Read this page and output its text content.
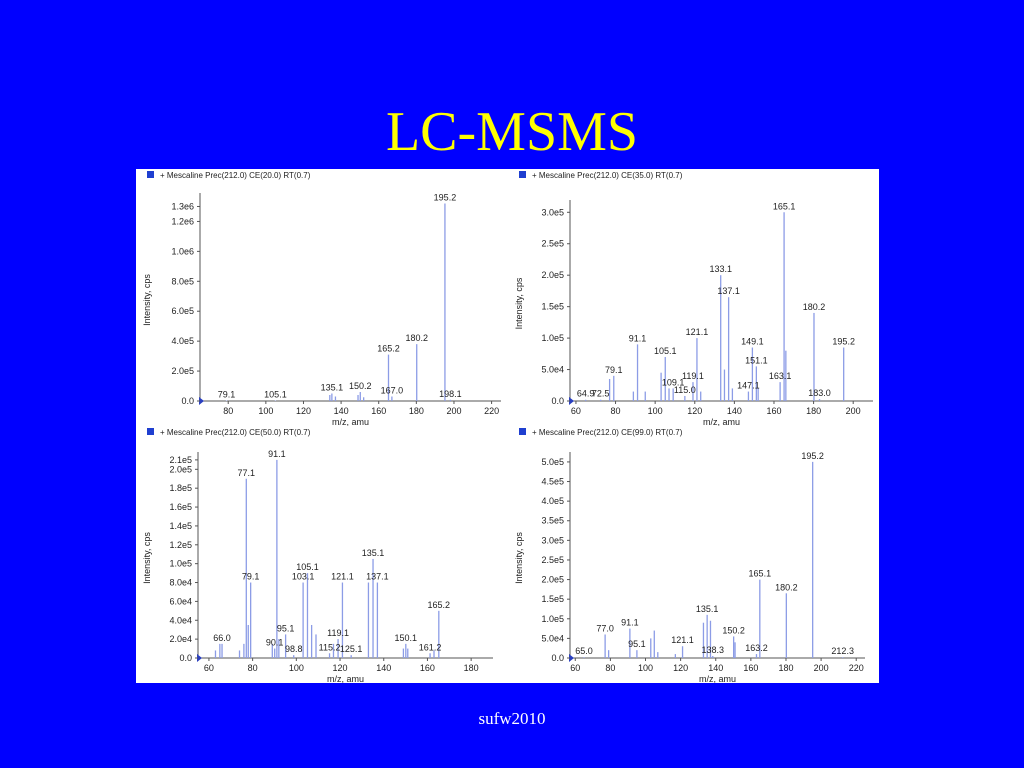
LC-MSMS
+ Mescaline Prec(212.0) CE(20.0) RT(0.7)
0.0
2.0e5
4.0e5
6.0e5
8.0e5
1.0e6
1.2e6
1.3e6
80	100	120	140	160	180	200	220
m/z, amu
Intensity, cps
79.1	105.1
135.1 150.2
165.2
167.0
180.2
195.2
198.1
+ Mescaline Prec(212.0) CE(35.0) RT(0.7)
0.0
5.0e4
1.0e5
1.5e5
2.0e5
2.5e5
3.0e5
60	80	100	120	140	160	180	200
m/z, amu
Intensity, cps
64.9
72.5
79.1
91.1
105.1
109.1
115.0
119.1
121.1
133.1
137.1
147.1
149.1
151.1
163.1
165.1
180.2
183.0
195.2
+ Mescaline Prec(212.0) CE(50.0) RT(0.7)
0.0
2.0e4
4.0e4
6.0e4
8.0e4
1.0e5
1.2e5
1.4e5
1.6e5
1.8e5
2.0e5
2.1e5
60	80	100	120	140	160	180
m/z, amu
Intensity, cps
66.0
77.1
79.1
90.1
91.1
95.1
98.8
103.1
105.1
115.2
119.1
121.1
125.1
135.1
137.1
150.1
161.2
165.2
+ Mescaline Prec(212.0) CE(99.0) RT(0.7)
0.0
5.0e4
1.0e5
1.5e5
2.0e5
2.5e5
3.0e5
3.5e5
4.0e5
4.5e5
5.0e5
60	80	100 120 140 160 180 200 220
m/z, amu
Intensity, cps
65.0
77.0
91.1
95.1	121.1
135.1
138.3
150.2
163.2
165.1
180.2
195.2
212.3
sufw2010
